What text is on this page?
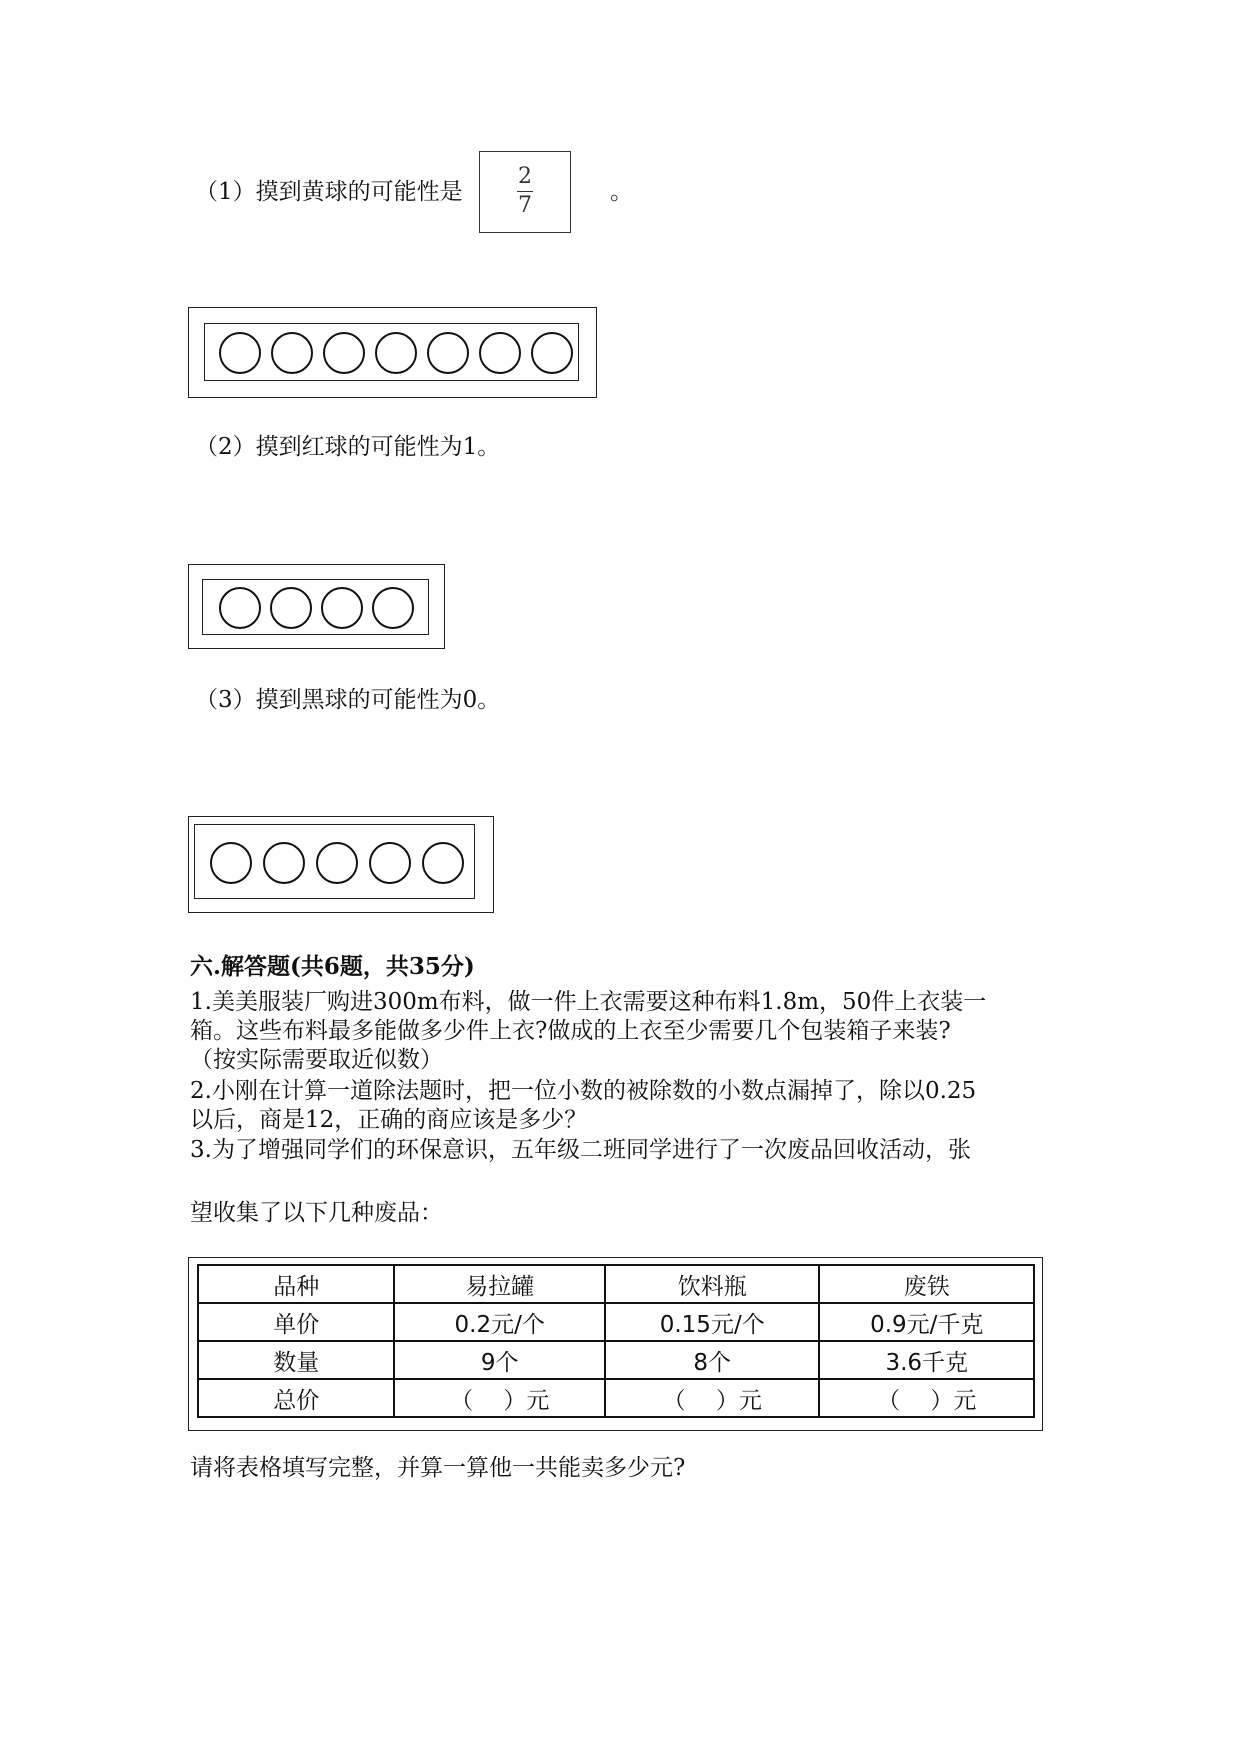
（1）摸到黄球的可能性是
2
7
。
（2）摸到红球的可能性为1。
（3）摸到黑球的可能性为0。
六.解答题(共6题，共35分)
1.美美服装厂购进300m布料，做一件上衣需要这种布料1.8m，50件上衣装一
箱。这些布料最多能做多少件上衣?做成的上衣至少需要几个包装箱子来装?
（按实际需要取近似数）
2.小刚在计算一道除法题时，把一位小数的被除数的小数点漏掉了，除以0.25
以后，商是12，正确的商应该是多少？
3.为了增强同学们的环保意识，五年级二班同学进行了一次废品回收活动，张
望收集了以下几种废品：
品种	易拉罐	饮料瓶	废铁
单价	0.2元/个	0.15元/个	0.9元/千克
数量	9个	8个	3.6千克
总价	（　 ）元	（　 ）元	（　 ）元
请将表格填写完整，并算一算他一共能卖多少元?
